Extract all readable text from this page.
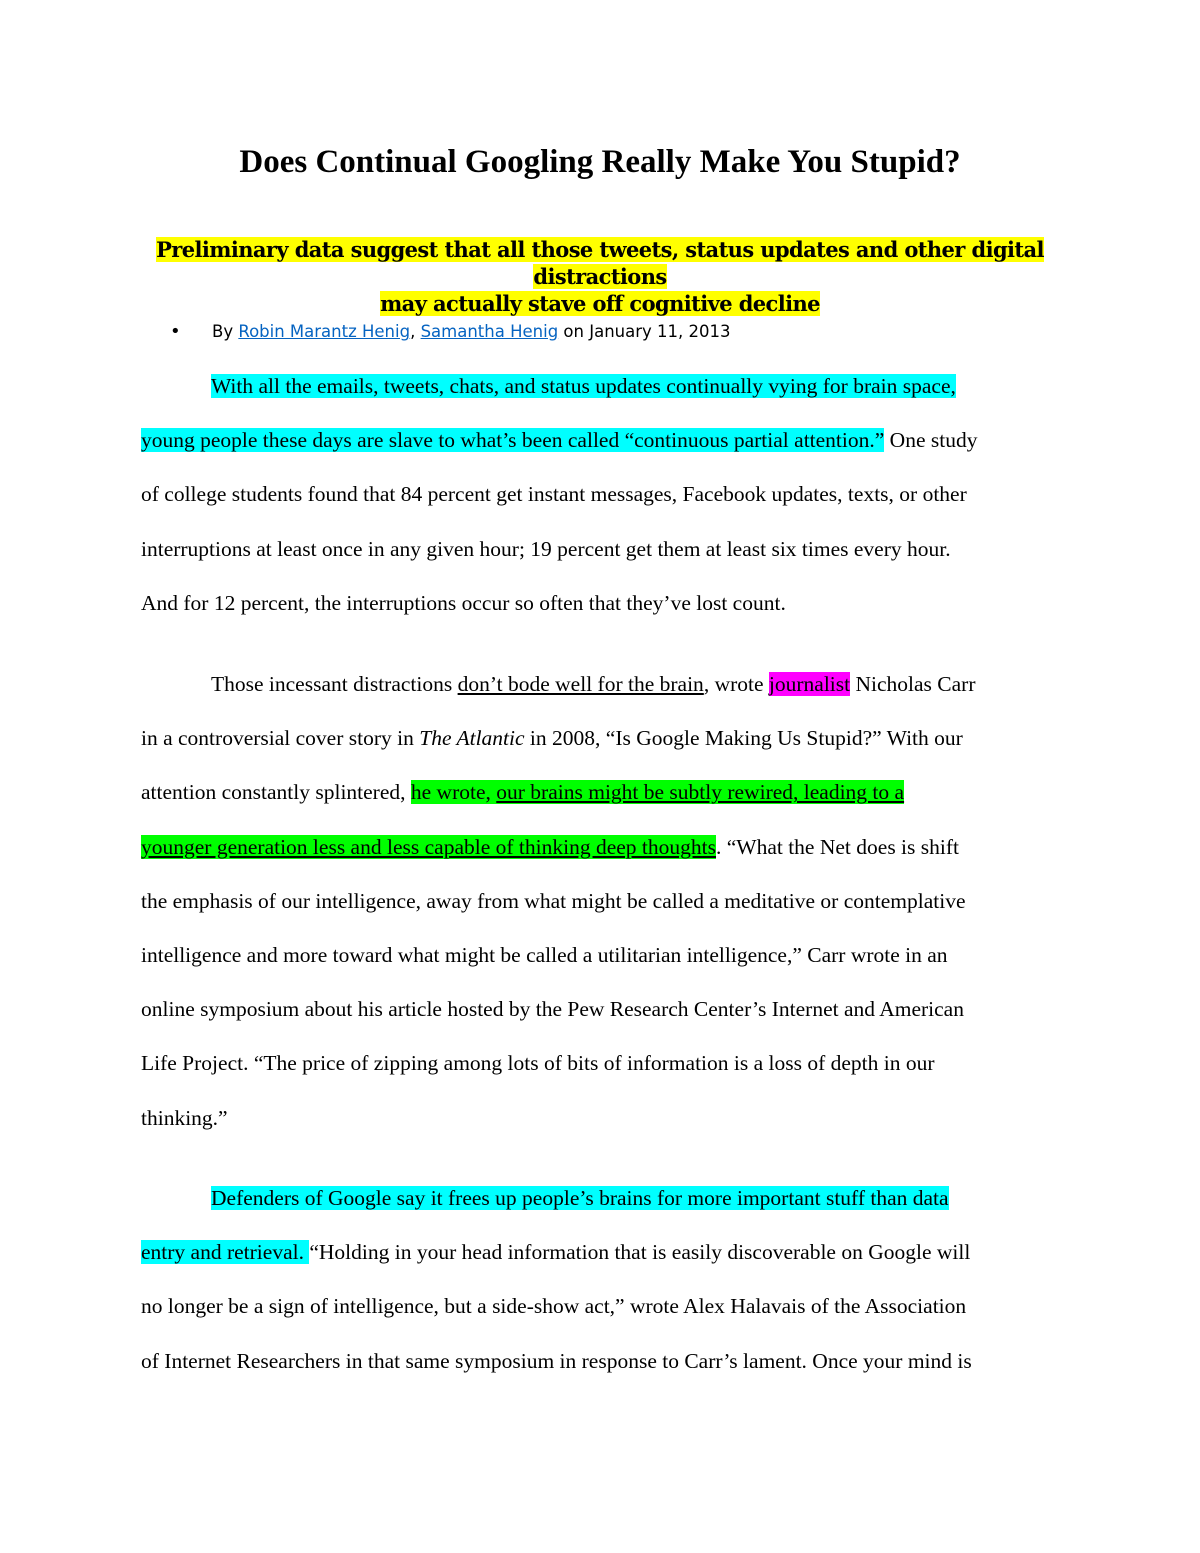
Does Continual Googling Really Make You Stupid?
Preliminary data suggest that all those tweets, status updates and other digital distractions
may actually stave off cognitive decline
• By Robin Marantz Henig, Samantha Henig on January 11, 2013
With all the emails, tweets, chats, and status updates continually vying for brain space,
young people these days are slave to what’s been called “continuous partial attention.” One study
of college students found that 84 percent get instant messages, Facebook updates, texts, or other
interruptions at least once in any given hour; 19 percent get them at least six times every hour.
And for 12 percent, the interruptions occur so often that they’ve lost count.
Those incessant distractions don’t bode well for the brain, wrote journalist Nicholas Carr
in a controversial cover story in The Atlantic in 2008, “Is Google Making Us Stupid?” With our
attention constantly splintered, he wrote, our brains might be subtly rewired, leading to a
younger generation less and less capable of thinking deep thoughts. “What the Net does is shift
the emphasis of our intelligence, away from what might be called a meditative or contemplative
intelligence and more toward what might be called a utilitarian intelligence,” Carr wrote in an
online symposium about his article hosted by the Pew Research Center’s Internet and American
Life Project. “The price of zipping among lots of bits of information is a loss of depth in our
thinking.”
Defenders of Google say it frees up people’s brains for more important stuff than data
entry and retrieval. “Holding in your head information that is easily discoverable on Google will
no longer be a sign of intelligence, but a side-show act,” wrote Alex Halavais of the Association
of Internet Researchers in that same symposium in response to Carr’s lament. Once your mind is
